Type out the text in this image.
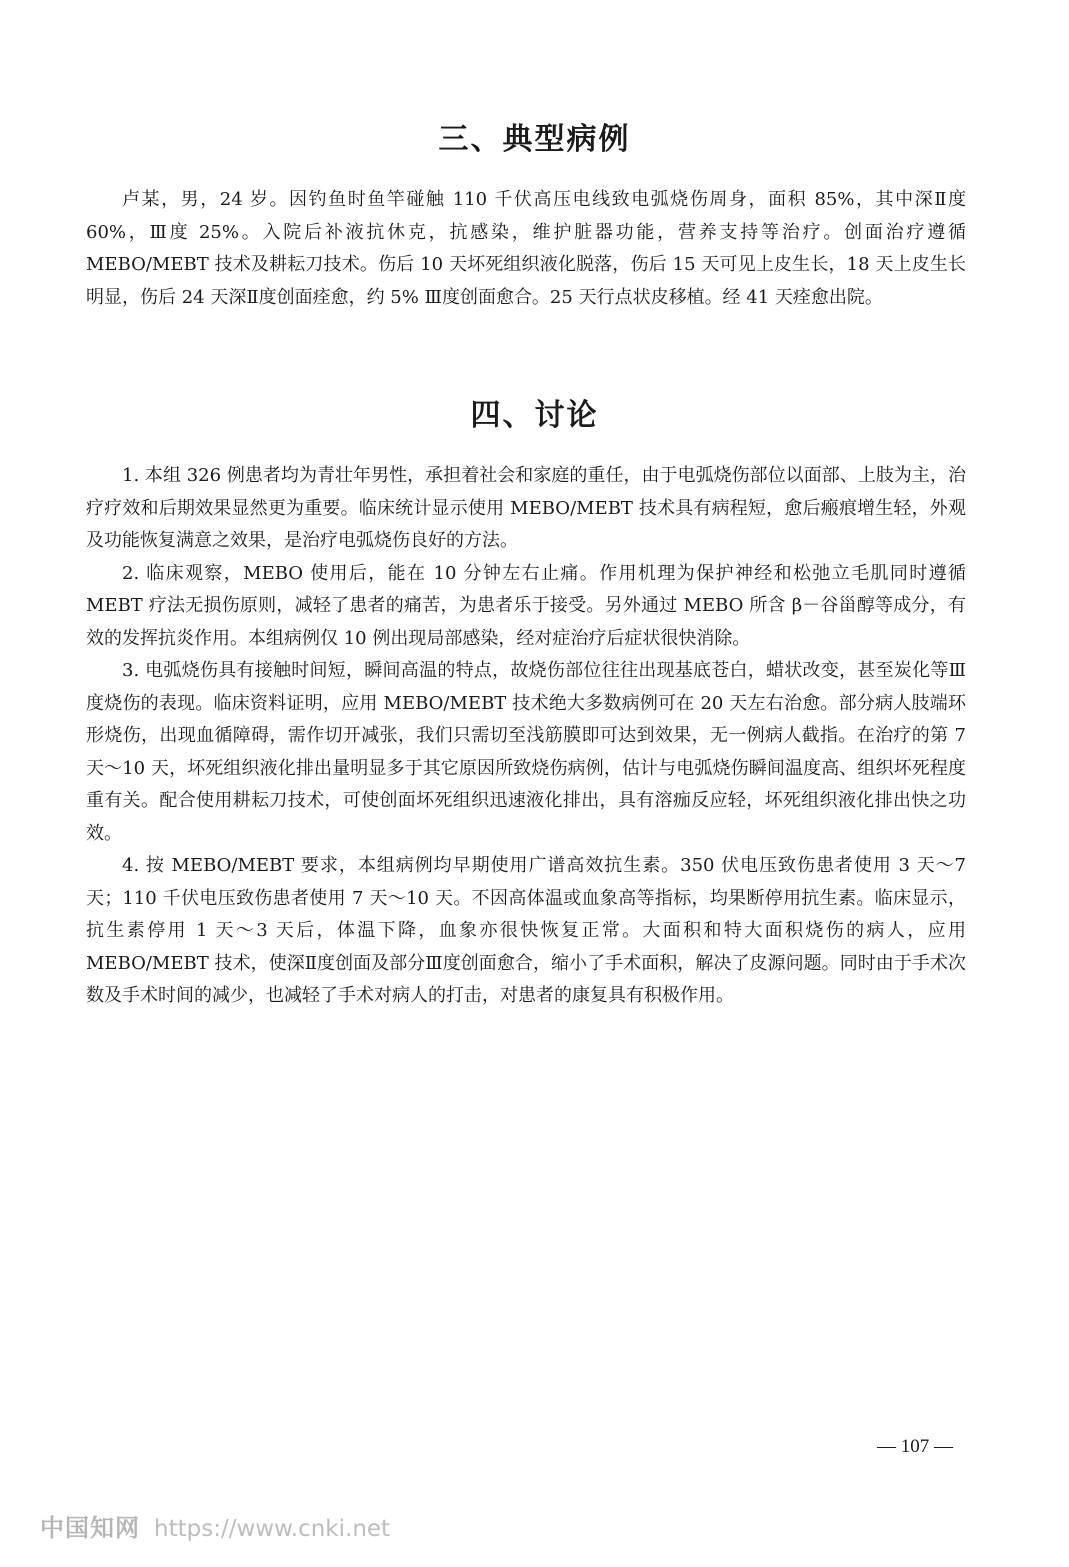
三、典型病例

卢某，男，24 岁。因钓鱼时鱼竿碰触 110 千伏高压电线致电弧烧伤周身，面积 85%，其中深Ⅱ度 60%，Ⅲ度 25%。入院后补液抗休克，抗感染，维护脏器功能，营养支持等治疗。创面治疗遵循 MEBO/MEBT 技术及耕耘刀技术。伤后 10 天坏死组织液化脱落，伤后 15 天可见上皮生长，18 天上皮生长明显，伤后 24 天深Ⅱ度创面痊愈，约 5% Ⅲ度创面愈合。25 天行点状皮移植。经 41 天痊愈出院。

四、讨论

1. 本组 326 例患者均为青壮年男性，承担着社会和家庭的重任，由于电弧烧伤部位以面部、上肢为主，治疗疗效和后期效果显然更为重要。临床统计显示使用 MEBO/MEBT 技术具有病程短，愈后瘢痕增生轻，外观及功能恢复满意之效果，是治疗电弧烧伤良好的方法。

2. 临床观察，MEBO 使用后，能在 10 分钟左右止痛。作用机理为保护神经和松弛立毛肌同时遵循 MEBT 疗法无损伤原则，减轻了患者的痛苦，为患者乐于接受。另外通过 MEBO 所含 β－谷甾醇等成分，有效的发挥抗炎作用。本组病例仅 10 例出现局部感染，经对症治疗后症状很快消除。

3. 电弧烧伤具有接触时间短，瞬间高温的特点，故烧伤部位往往出现基底苍白，蜡状改变，甚至炭化等Ⅲ度烧伤的表现。临床资料证明，应用 MEBO/MEBT 技术绝大多数病例可在 20 天左右治愈。部分病人肢端环形烧伤，出现血循障碍，需作切开减张，我们只需切至浅筋膜即可达到效果，无一例病人截指。在治疗的第 7 天～10 天，坏死组织液化排出量明显多于其它原因所致烧伤病例，估计与电弧烧伤瞬间温度高、组织坏死程度重有关。配合使用耕耘刀技术，可使创面坏死组织迅速液化排出，具有溶痂反应轻，坏死组织液化排出快之功效。

4. 按 MEBO/MEBT 要求，本组病例均早期使用广谱高效抗生素。350 伏电压致伤患者使用 3 天～7 天；110 千伏电压致伤患者使用 7 天～10 天。不因高体温或血象高等指标，均果断停用抗生素。临床显示，抗生素停用 1 天～3 天后，体温下降，血象亦很快恢复正常。大面积和特大面积烧伤的病人，应用 MEBO/MEBT 技术，使深Ⅱ度创面及部分Ⅲ度创面愈合，缩小了手术面积，解决了皮源问题。同时由于手术次数及手术时间的减少，也减轻了手术对病人的打击，对患者的康复具有积极作用。

— 107 —
中国知网 https://www.cnki.net
